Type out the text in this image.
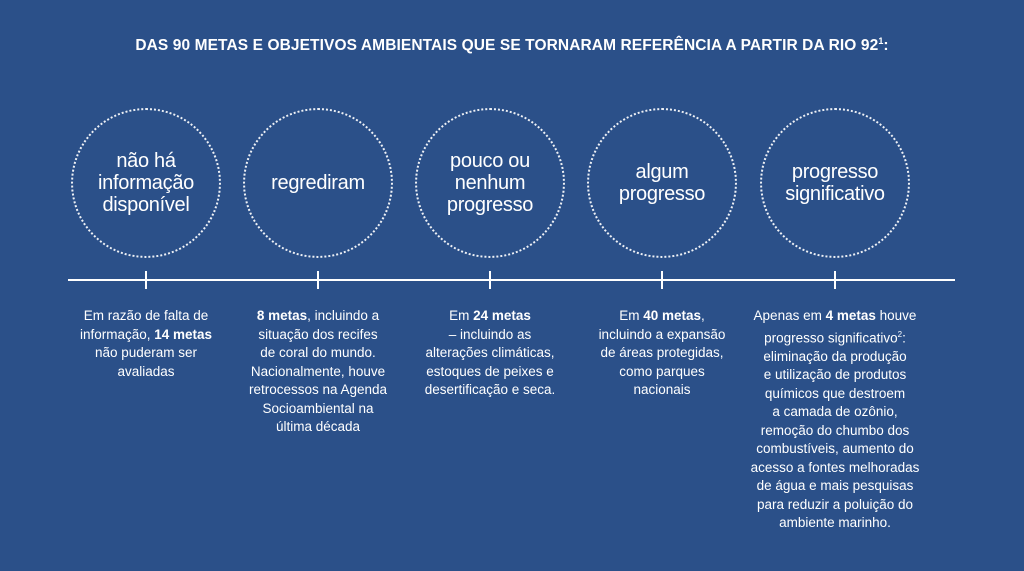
DAS 90 METAS E OBJETIVOS AMBIENTAIS QUE SE TORNARAM REFERÊNCIA A PARTIR DA RIO $92^1$:
não há
informação
disponível
regrediram
pouco ou
nenhum
progresso
algum
progresso
progresso
significativo
Em razão de falta de
informação, 14 metas
não puderam ser
avaliadas
8 metas, incluindo a
situação dos recifes
de coral do mundo.
Nacionalmente, houve
retrocessos na Agenda
Socioambiental na
última década
Em 24 metas
– incluindo as
alterações climáticas,
estoques de peixes e
desertificação e seca.
Em 40 metas,
incluindo a expansão
de áreas protegidas,
como parques
nacionais
Apenas em 4 metas houve
progresso significativo$^2$:
eliminação da produção
e utilização de produtos
químicos que destroem
a camada de ozônio,
remoção do chumbo dos
combustíveis, aumento do
acesso a fontes melhoradas
de água e mais pesquisas
para reduzir a poluição do
ambiente marinho.
